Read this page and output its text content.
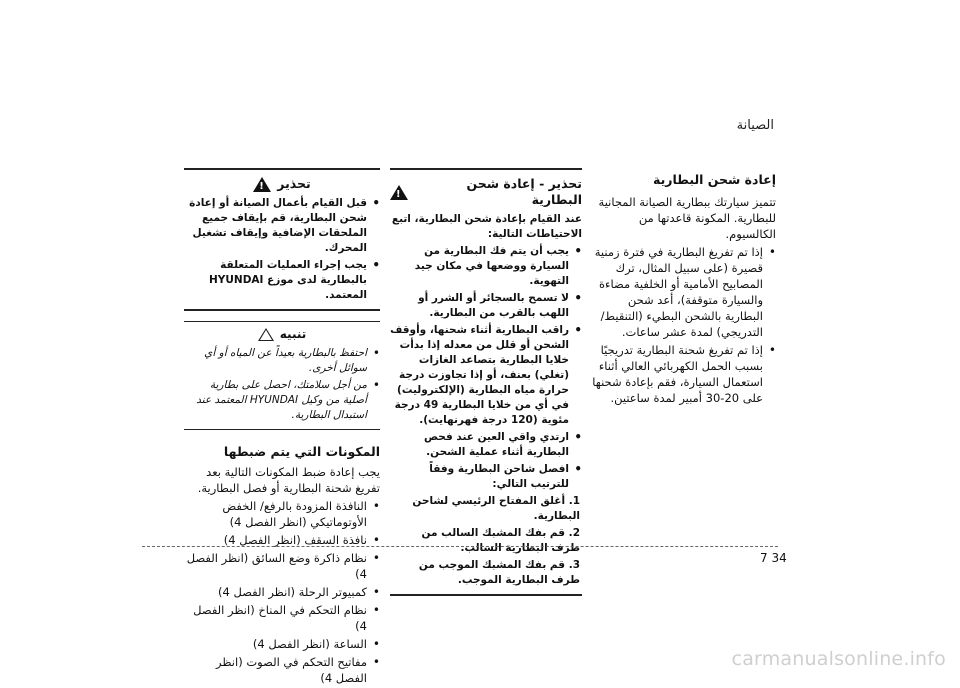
الصيانة
إعادة شحن البطارية
تتميز سيارتك ببطارية الصيانة المجانية للبطارية. المكونة قاعدتها من الكالسيوم.
• إذا تم تفريغ البطارية في فترة زمنية قصيرة (على سبيل المثال، ترك المصابيح الأمامية أو الخلفية مضاءة والسيارة متوقفة)، أعد شحن البطارية بالشحن البطيء (التنقيط/ التدريجي) لمدة عشر ساعات.
• إذا تم تفريغ شحنة البطارية تدريجيًا بسبب الحمل الكهربائي العالي أثناء استعمال السيارة، فقم بإعادة شحنها على 20-30 أمبير لمدة ساعتين.
تحذير - إعادة شحن البطارية
!
عند القيام بإعادة شحن البطارية، اتبع الاحتياطات التالية:
• يجب أن يتم فك البطارية من السيارة ووضعها في مكان جيد التهوية.
• لا تسمح بالسجائر أو الشرر أو اللهب بالقرب من البطارية.
• راقب البطارية أثناء شحنها، وأوقف الشحن أو قلل من معدله إذا بدأت خلايا البطارية بتصاعد الغازات (تغلي) بعنف، أو إذا تجاوزت درجة حرارة مياه البطارية (الإلكتروليت) في أي من خلايا البطارية 49 درجة مئوية (120 درجة فهرنهايت).
• ارتدي واقي العين عند فحص البطارية أثناء عملية الشحن.
• افصل شاحن البطارية وفقاً للترتيب التالي:
1. أغلق المفتاح الرئيسي لشاحن البطارية.
2. قم بفك المشبك السالب من طرف البطارية السالب.
3. قم بفك المشبك الموجب من طرف البطارية الموجب.
تحذير
!
• قبل القيام بأعمال الصيانة أو إعادة شحن البطارية، قم بإيقاف جميع الملحقات الإضافية وإيقاف تشغيل المحرك.
• يجب إجراء العمليات المتعلقة بالبطارية لدى موزع HYUNDAI المعتمد.
تنبيه
• احتفظ بالبطارية بعيداً عن المياه أو أي سوائل أخرى.
• من أجل سلامتك، احصل على بطارية أصلية من وكيل HYUNDAI المعتمد عند استبدال البطارية.
المكونات التي يتم ضبطها
يجب إعادة ضبط المكونات التالية بعد تفريغ شحنة البطارية أو فصل البطارية.
• النافذة المزودة بالرفع/ الخفض الأوتوماتيكي (انظر الفصل 4)
• نافذة السقف (انظر الفصل 4)
• نظام ذاكرة وضع السائق (انظر الفصل 4)
• كمبيوتر الرحلة (انظر الفصل 4)
• نظام التحكم في المناخ (انظر الفصل 4)
• الساعة (انظر الفصل 4)
• مفاتيح التحكم في الصوت (انظر الفصل 4)
7 34
carmanualsonline.info
